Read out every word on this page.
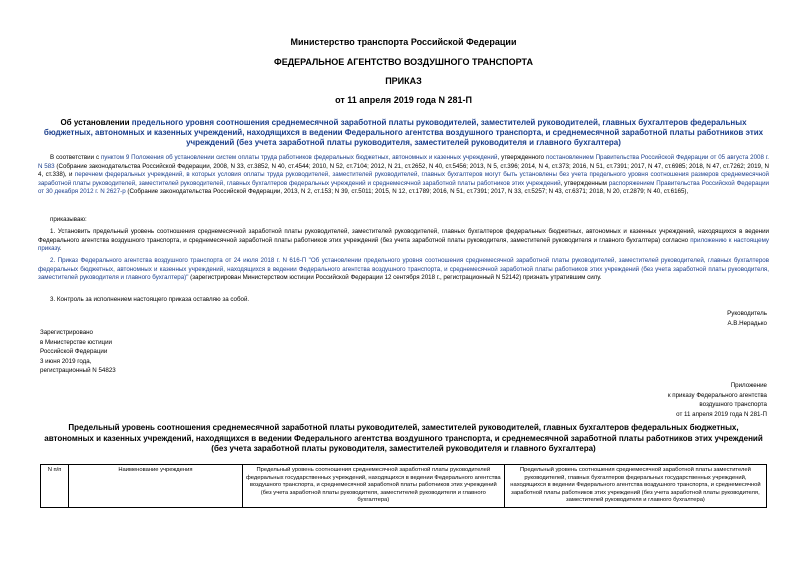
Министерство транспорта Российской Федерации
ФЕДЕРАЛЬНОЕ АГЕНТСТВО ВОЗДУШНОГО ТРАНСПОРТА
ПРИКАЗ
от 11 апреля 2019 года N 281-П
Об установлении предельного уровня соотношения среднемесячной заработной платы руководителей, заместителей руководителей, главных бухгалтеров федеральных бюджетных, автономных и казенных учреждений, находящихся в ведении Федерального агентства воздушного транспорта, и среднемесячной заработной платы работников этих учреждений (без учета заработной платы руководителя, заместителей руководителя и главного бухгалтера)
В соответствии с пунктом 9 Положения об установлении систем оплаты труда работников федеральных бюджетных, автономных и казенных учреждений, утвержденного постановлением Правительства Российской Федерации от 05 августа 2008 г. N 583 (Собрание законодательства Российской Федерации, 2008, N 33, ст.3852, N 40, ст.4544; 2010, N 52, ст.7104; 2012, N 21, ст.2652, N 40, ст.5456; 2013, N 5, ст.396; 2014, N 4, ст.373; 2016, N 51, ст.7391; 2017, N 47, ст.6985; 2018, N 47, ст.7262; 2019, N 4, ст.338), и перечнем федеральных учреждений, в которых условия оплаты труда руководителей, заместителей руководителей, главных бухгалтеров могут быть установлены без учета предельного уровня соотношения размеров среднемесячной заработной платы руководителей, заместителей руководителей, главных бухгалтеров федеральных учреждений и среднемесячной заработной платы работников этих учреждений, утвержденным распоряжением Правительства Российской Федерации от 30 декабря 2012 г. N 2627-р (Собрание законодательства Российской Федерации, 2013, N 2, ст.153; N 39, ст.5011; 2015, N 12, ст.1789; 2016, N 51, ст.7391; 2017, N 33, ст.5257; N 43, ст.6371; 2018, N 20, ст.2879; N 40, ст.6165),
приказываю:
1. Установить предельный уровень соотношения среднемесячной заработной платы руководителей, заместителей руководителей, главных бухгалтеров федеральных бюджетных, автономных и казенных учреждений, находящихся в ведении Федерального агентства воздушного транспорта, и среднемесячной заработной платы работников этих учреждений (без учета заработной платы руководителя, заместителей руководителя и главного бухгалтера) согласно приложению к настоящему приказу.
2. Приказ Федерального агентства воздушного транспорта от 24 июля 2018 г. N 616-П "Об установлении предельного уровня соотношения среднемесячной заработной платы руководителей, заместителей руководителей, главных бухгалтеров федеральных бюджетных, автономных и казенных учреждений, находящихся в ведении Федерального агентства воздушного транспорта, и среднемесячной заработной платы работников этих учреждений (без учета заработной платы руководителя, заместителей руководителя и главного бухгалтера)" (зарегистрирован Министерством юстиции Российской Федерации 12 сентября 2018 г., регистрационный N 52142) признать утратившим силу.
3. Контроль за исполнением настоящего приказа оставляю за собой.
Руководитель
А.В.Нерадько
Зарегистрировано
в Министерстве юстиции
Российской Федерации
3 июня 2019 года,
регистрационный N 54823
Приложение
к приказу Федерального агентства
воздушного транспорта
от 11 апреля 2019 года N 281-П
Предельный уровень соотношения среднемесячной заработной платы руководителей, заместителей руководителей, главных бухгалтеров федеральных бюджетных, автономных и казенных учреждений, находящихся в ведении Федерального агентства воздушного транспорта, и среднемесячной заработной платы работников этих учреждений (без учета заработной платы руководителя, заместителей руководителя и главного бухгалтера)
N п/п	Наименование учреждения	Предельный уровень соотношения среднемесячной заработной платы руководителей федеральных государственных учреждений, находящихся в ведении Федерального агентства воздушного транспорта, и среднемесячной заработной платы работников этих учреждений (без учета заработной платы руководителя, заместителей руководителя и главного бухгалтера)	Предельный уровень соотношения среднемесячной заработной платы заместителей руководителей, главных бухгалтеров федеральных государственных учреждений, находящихся в ведении Федерального агентства воздушного транспорта, и среднемесячной заработной платы работников этих учреждений (без учета заработной платы руководителя, заместителей руководителя и главного бухгалтера)
